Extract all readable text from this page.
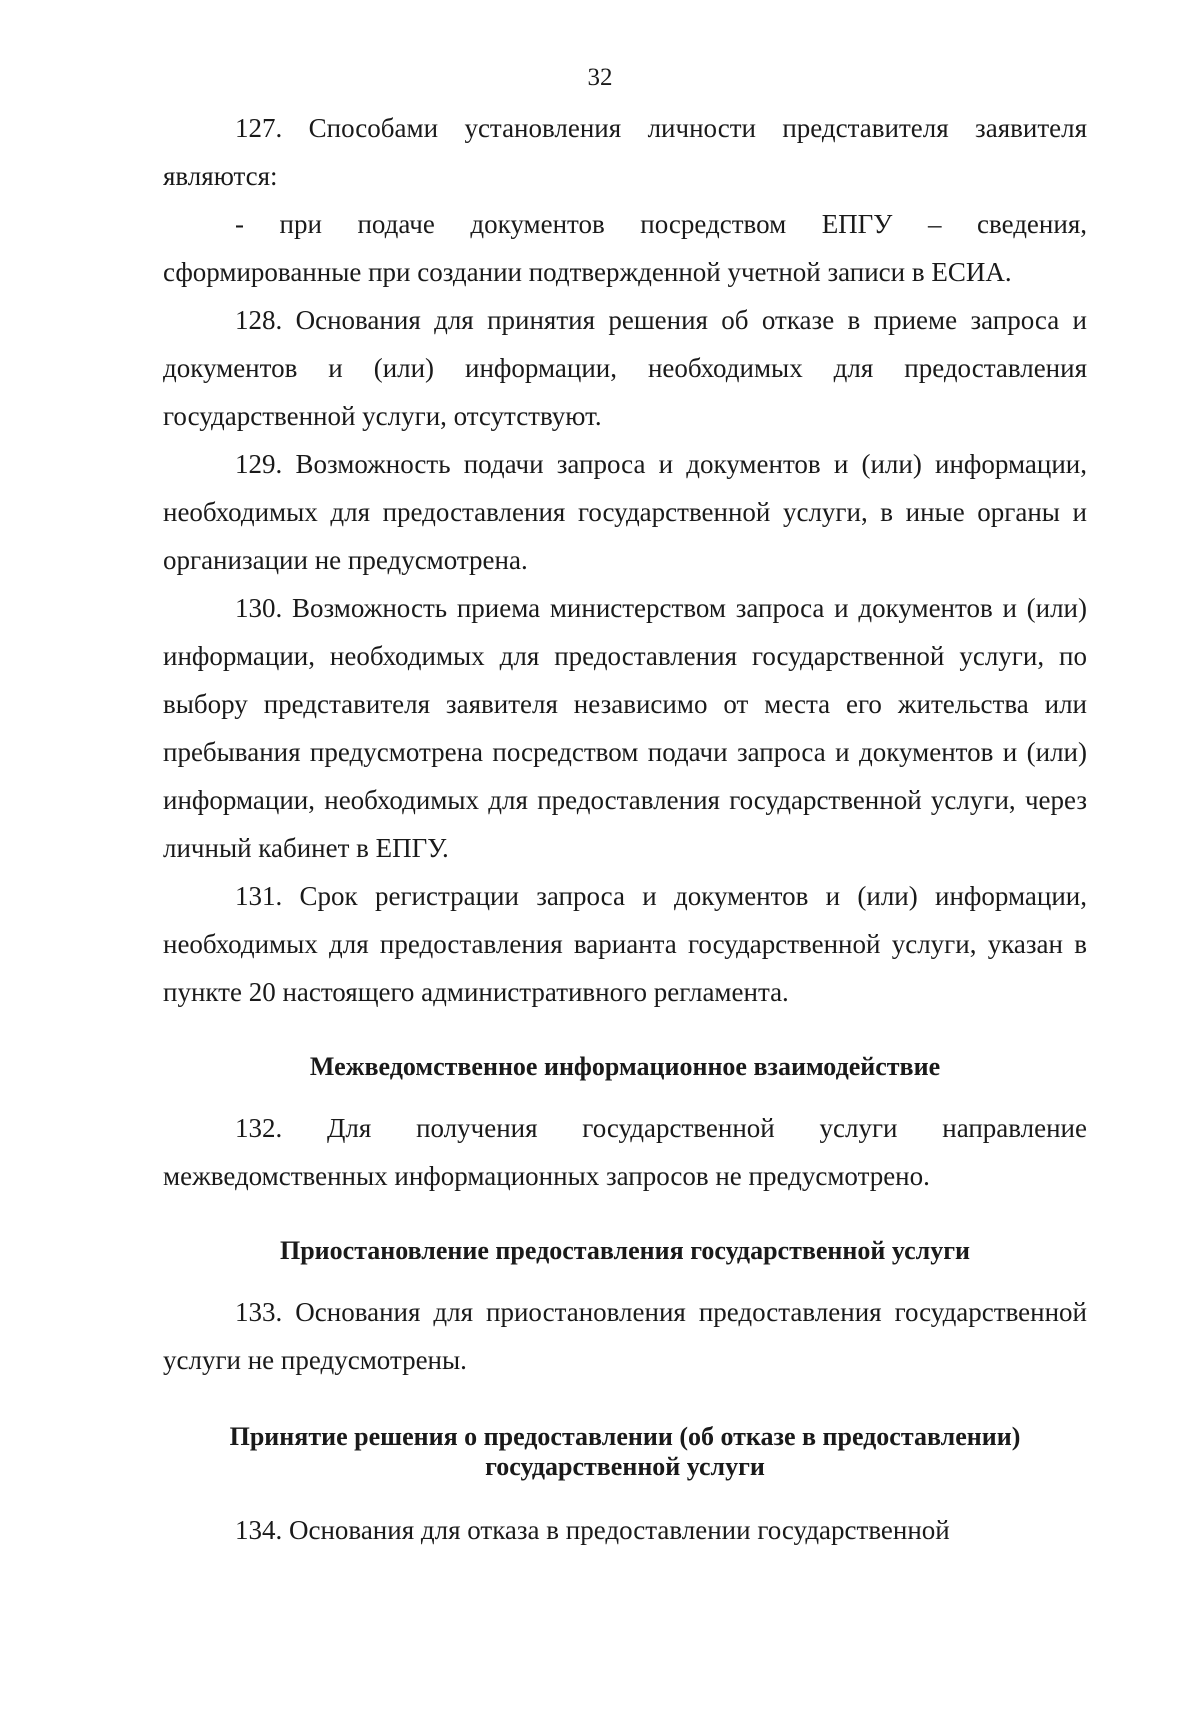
32

127. Способами установления личности представителя заявителя являются:

- при подаче документов посредством ЕПГУ – сведения, сформированные при создании подтвержденной учетной записи в ЕСИА.

128. Основания для принятия решения об отказе в приеме запроса и документов и (или) информации, необходимых для предоставления государственной услуги, отсутствуют.

129. Возможность подачи запроса и документов и (или) информации, необходимых для предоставления государственной услуги, в иные органы и организации не предусмотрена.

130. Возможность приема министерством запроса и документов и (или) информации, необходимых для предоставления государственной услуги, по выбору представителя заявителя независимо от места его жительства или пребывания предусмотрена посредством подачи запроса и документов и (или) информации, необходимых для предоставления государственной услуги, через личный кабинет в ЕПГУ.

131. Срок регистрации запроса и документов и (или) информации, необходимых для предоставления варианта государственной услуги, указан в пункте 20 настоящего административного регламента.

Межведомственное информационное взаимодействие

132. Для получения государственной услуги направление межведомственных информационных запросов не предусмотрено.

Приостановление предоставления государственной услуги

133. Основания для приостановления предоставления государственной услуги не предусмотрены.

Принятие решения о предоставлении (об отказе в предоставлении)
государственной услуги

134. Основания для отказа в предоставлении государственной
